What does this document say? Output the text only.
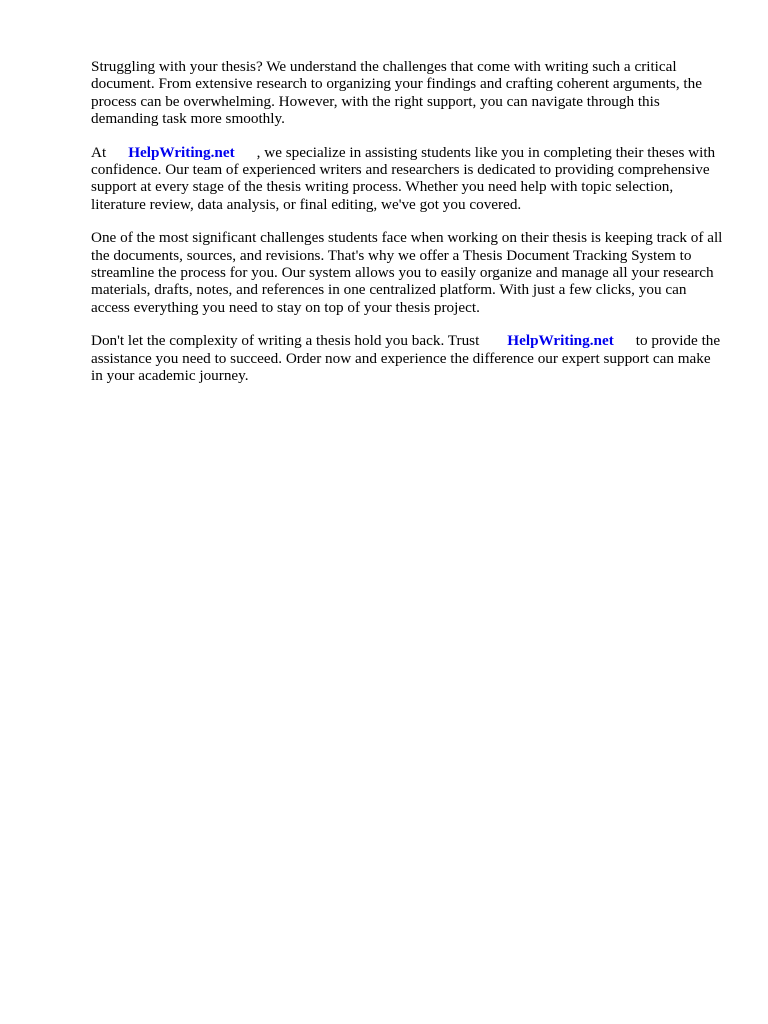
Struggling with your thesis? We understand the challenges that come with writing such a critical document. From extensive research to organizing your findings and crafting coherent arguments, the process can be overwhelming. However, with the right support, you can navigate through this demanding task more smoothly.

At HelpWriting.net , we specialize in assisting students like you in completing their theses with confidence. Our team of experienced writers and researchers is dedicated to providing comprehensive support at every stage of the thesis writing process. Whether you need help with topic selection, literature review, data analysis, or final editing, we've got you covered.

One of the most significant challenges students face when working on their thesis is keeping track of all the documents, sources, and revisions. That's why we offer a Thesis Document Tracking System to streamline the process for you. Our system allows you to easily organize and manage all your research materials, drafts, notes, and references in one centralized platform. With just a few clicks, you can access everything you need to stay on top of your thesis project.

Don't let the complexity of writing a thesis hold you back. Trust HelpWriting.net to provide the assistance you need to succeed. Order now and experience the difference our expert support can make in your academic journey.
